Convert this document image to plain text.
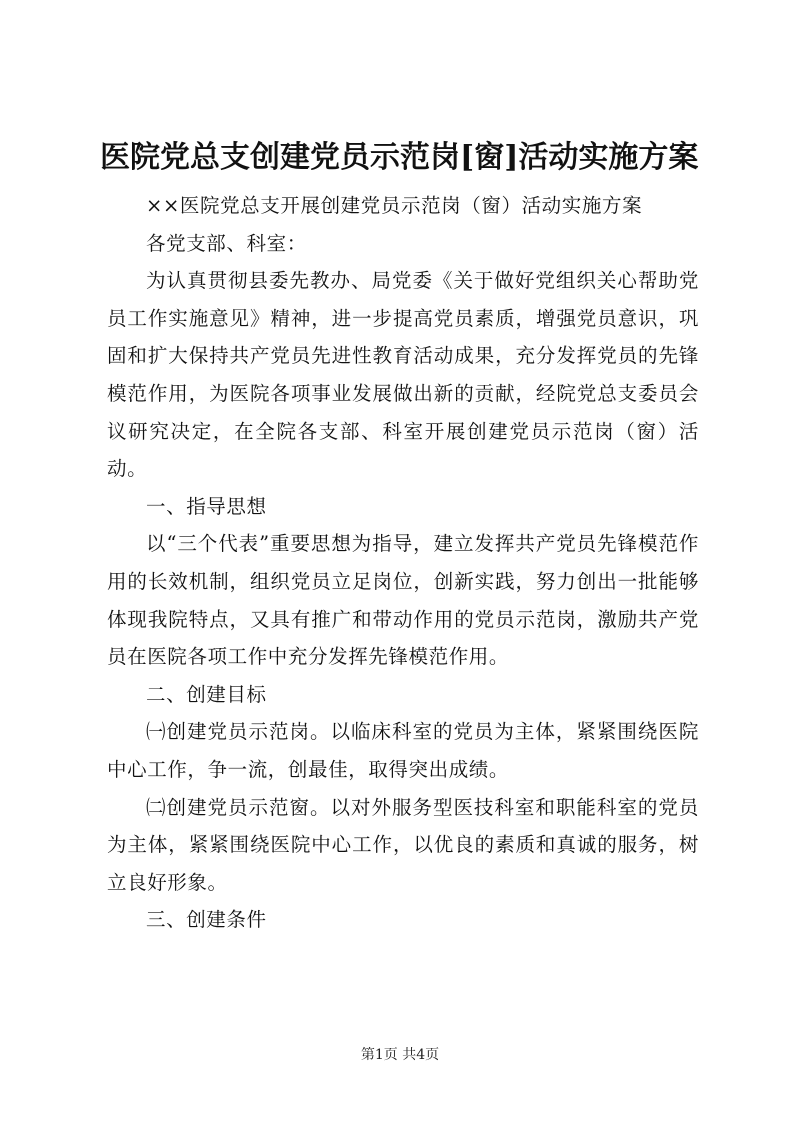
医院党总支创建党员示范岗[窗]活动实施方案

××医院党总支开展创建党员示范岗（窗）活动实施方案

各党支部、科室：

为认真贯彻县委先教办、局党委《关于做好党组织关心帮助党员工作实施意见》精神，进一步提高党员素质，增强党员意识，巩固和扩大保持共产党员先进性教育活动成果，充分发挥党员的先锋模范作用，为医院各项事业发展做出新的贡献，经院党总支委员会议研究决定，在全院各支部、科室开展创建党员示范岗（窗）活动。

一、指导思想

以“三个代表”重要思想为指导，建立发挥共产党员先锋模范作用的长效机制，组织党员立足岗位，创新实践，努力创出一批能够体现我院特点，又具有推广和带动作用的党员示范岗，激励共产党员在医院各项工作中充分发挥先锋模范作用。

二、创建目标

㈠创建党员示范岗。以临床科室的党员为主体，紧紧围绕医院中心工作，争一流，创最佳，取得突出成绩。

㈡创建党员示范窗。以对外服务型医技科室和职能科室的党员为主体，紧紧围绕医院中心工作，以优良的素质和真诚的服务，树立良好形象。

三、创建条件

第1页 共4页
